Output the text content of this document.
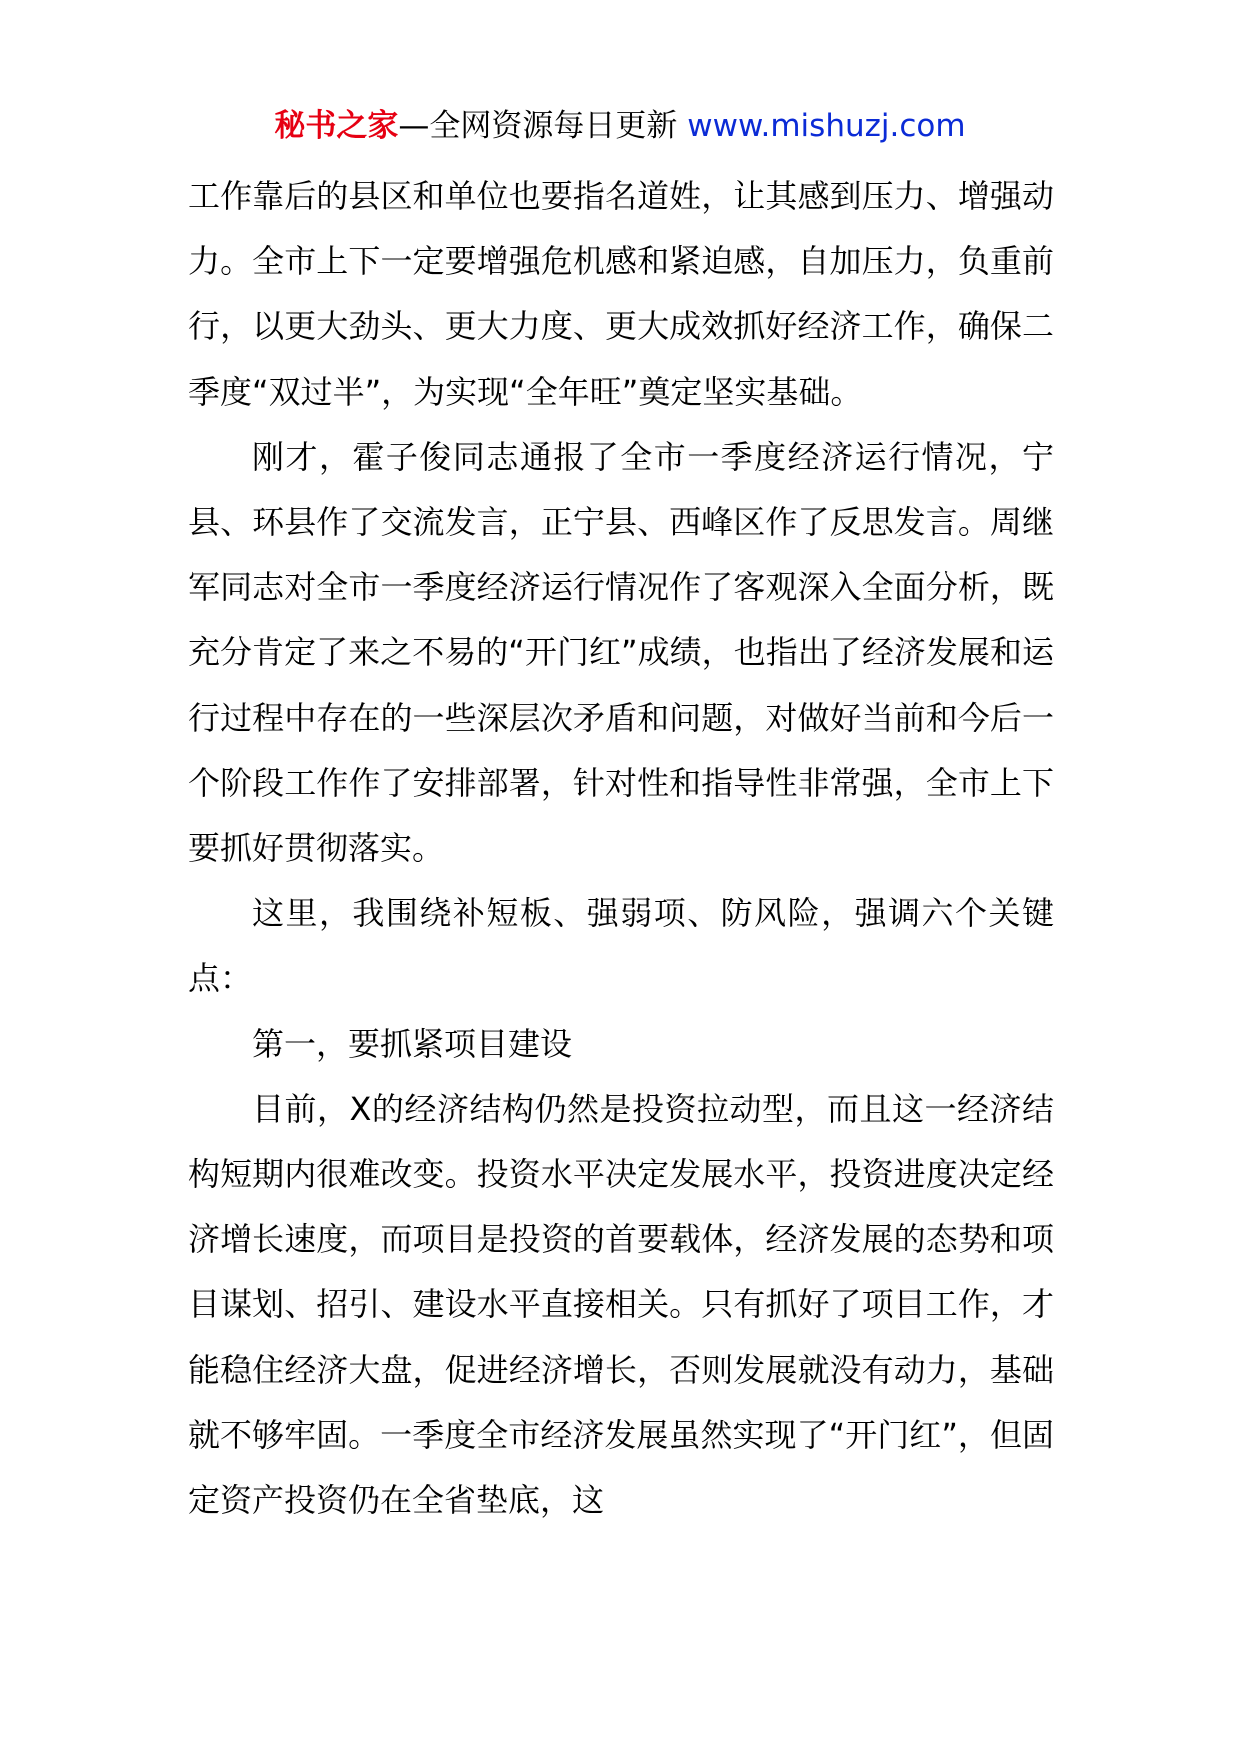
秘书之家—全网资源每日更新 www.mishuzj.com

工作靠后的县区和单位也要指名道姓，让其感到压力、增强动力。全市上下一定要增强危机感和紧迫感，自加压力，负重前行，以更大劲头、更大力度、更大成效抓好经济工作，确保二季度“双过半”，为实现“全年旺”奠定坚实基础。

刚才，霍子俊同志通报了全市一季度经济运行情况，宁县、环县作了交流发言，正宁县、西峰区作了反思发言。周继军同志对全市一季度经济运行情况作了客观深入全面分析，既充分肯定了来之不易的“开门红”成绩，也指出了经济发展和运行过程中存在的一些深层次矛盾和问题，对做好当前和今后一个阶段工作作了安排部署，针对性和指导性非常强，全市上下要抓好贯彻落实。

这里，我围绕补短板、强弱项、防风险，强调六个关键点：

第一，要抓紧项目建设

目前，X的经济结构仍然是投资拉动型，而且这一经济结构短期内很难改变。投资水平决定发展水平，投资进度决定经济增长速度，而项目是投资的首要载体，经济发展的态势和项目谋划、招引、建设水平直接相关。只有抓好了项目工作，才能稳住经济大盘，促进经济增长，否则发展就没有动力，基础就不够牢固。一季度全市经济发展虽然实现了“开门红”，但固定资产投资仍在全省垫底，这
